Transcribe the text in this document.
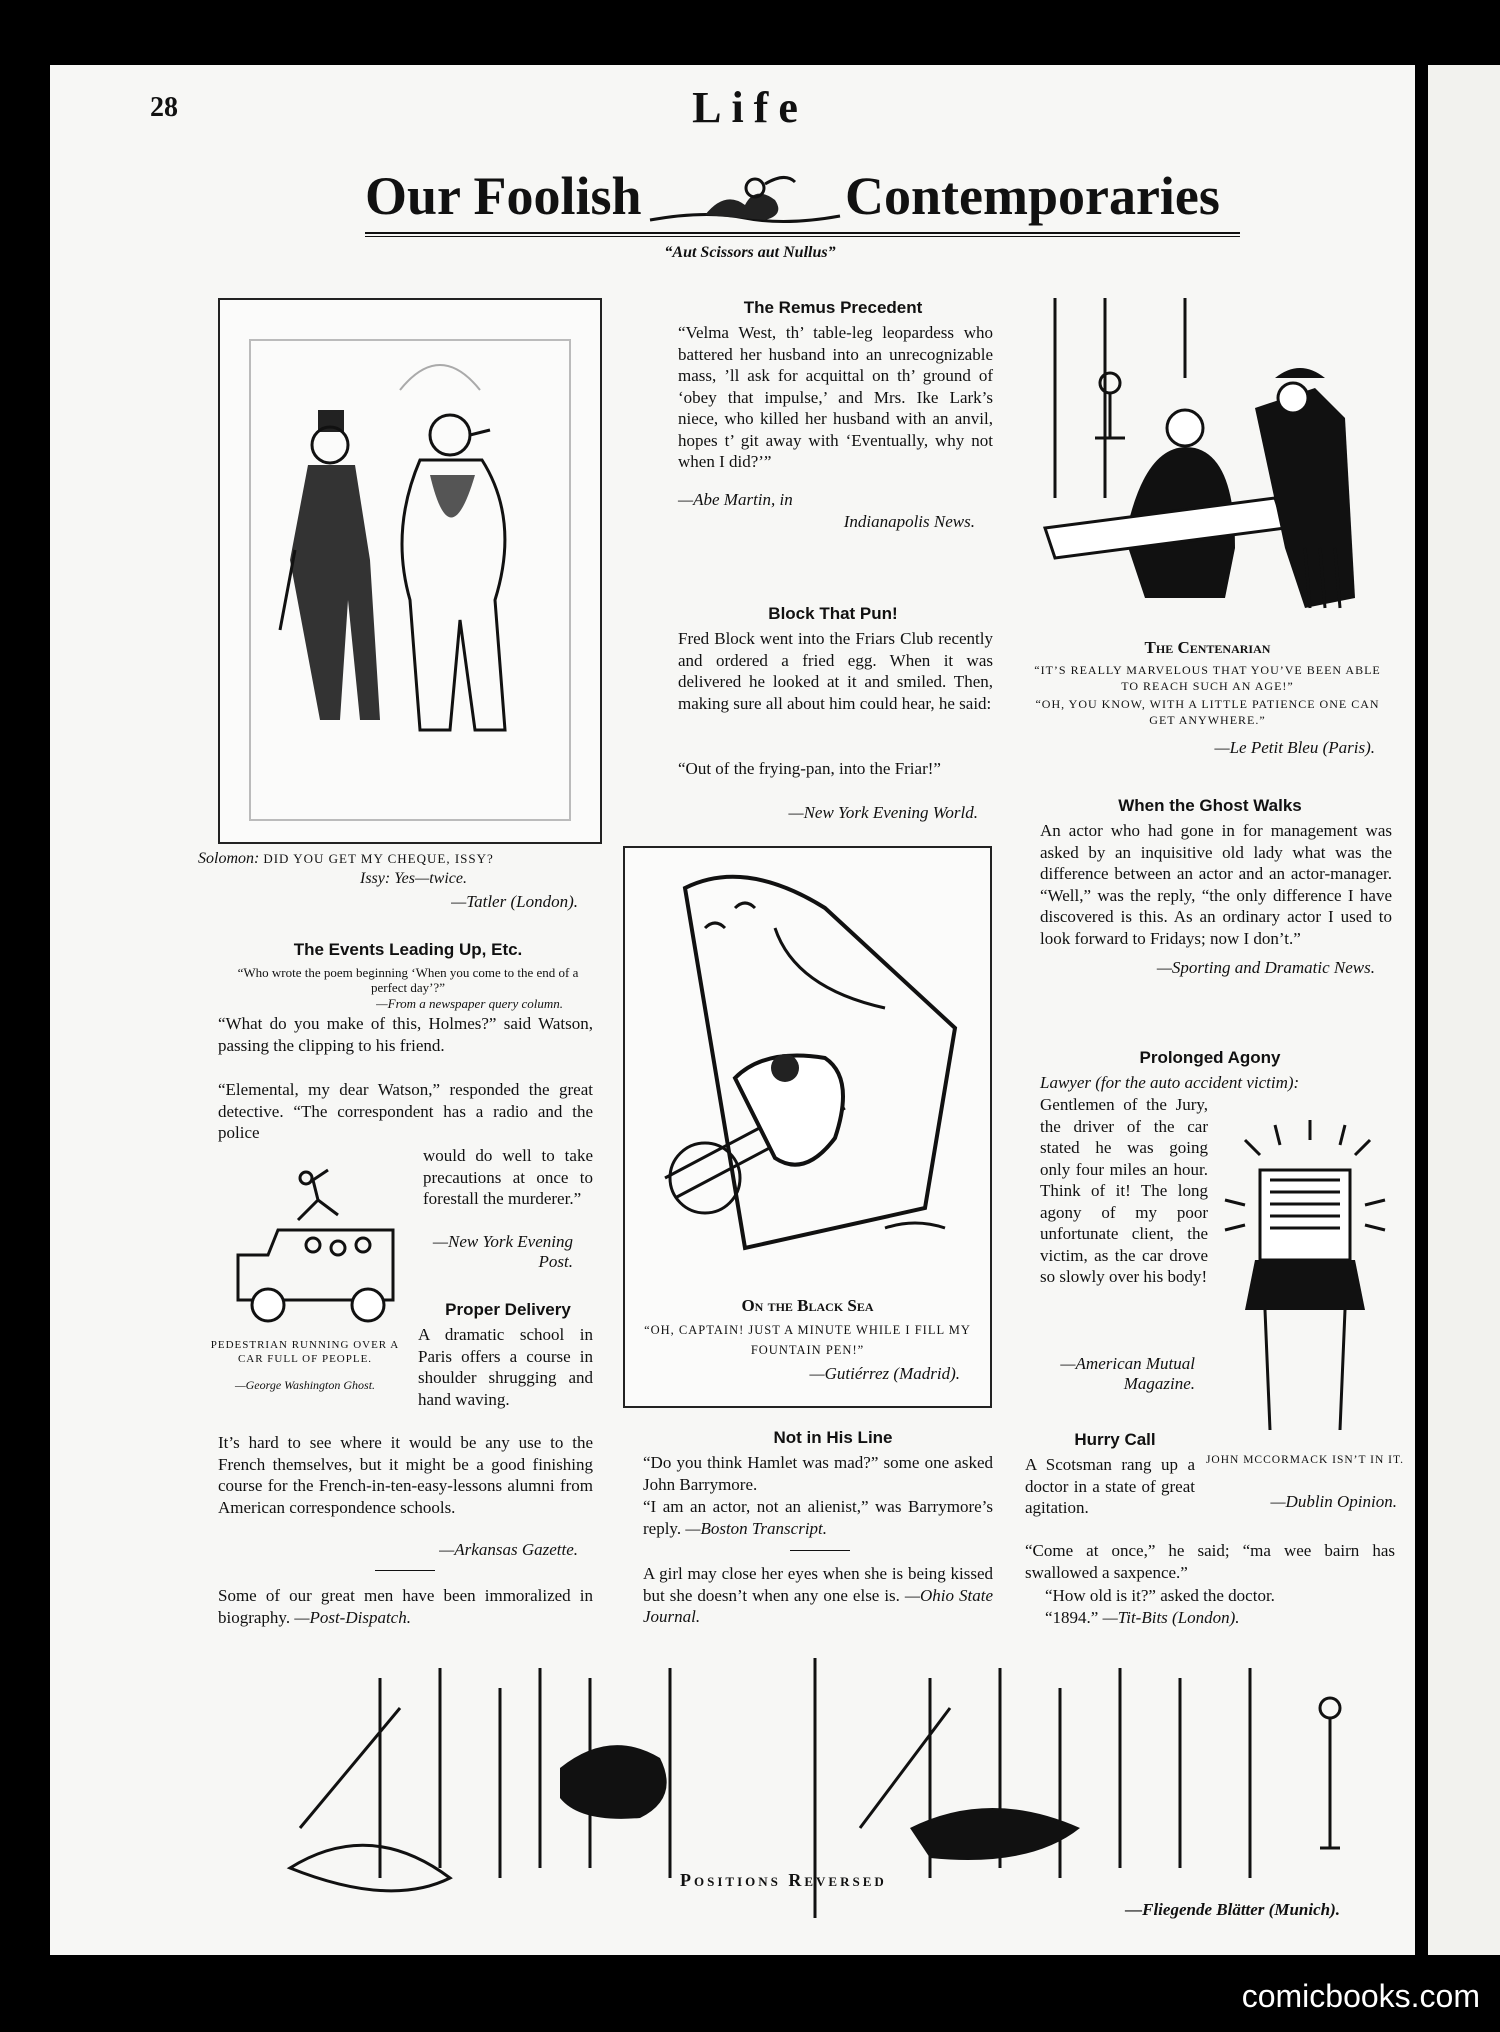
28	Life
Our Foolish	Contemporaries
“Aut Scissors aut Nullus”
Solomon: DID YOU GET MY CHEQUE, ISSY?
Issy: Yes—twice.
—Tatler (London).
The Events Leading Up, Etc.
“Who wrote the poem beginning ‘When you come to the end of a perfect day’?”
—From a newspaper query column.
“What do you make of this, Holmes?” said Watson, passing the clipping to his friend.
“Elemental, my dear Watson,” responded the great detective. “The correspondent has a radio and the police
would do well to take precautions at once to forestall the murderer.”
—New York Evening Post.
PEDESTRIAN RUNNING OVER A CAR FULL OF PEOPLE.
—George Washington Ghost.
Proper Delivery
A dramatic school in Paris offers a course in shoulder shrugging and hand waving.
It’s hard to see where it would be any use to the French themselves, but it might be a good finishing course for the French-in-ten-easy-lessons alumni from American correspondence schools.
—Arkansas Gazette.
Some of our great men have been immoralized in biography. —Post-Dispatch.
The Remus Precedent
“Velma West, th’ table-leg leopardess who battered her husband into an unrecognizable mass, ’ll ask for acquittal on th’ ground of ‘obey that impulse,’ and Mrs. Ike Lark’s niece, who killed her husband with an anvil, hopes t’ git away with ‘Eventually, why not when I did?’”
—Abe Martin, in
Indianapolis News.
Block That Pun!
Fred Block went into the Friars Club recently and ordered a fried egg. When it was delivered he looked at it and smiled. Then, making sure all about him could hear, he said:
“Out of the frying-pan, into the Friar!”
—New York Evening World.
On the Black Sea
“OH, CAPTAIN! JUST A MINUTE WHILE I FILL MY FOUNTAIN PEN!”
—Gutiérrez (Madrid).
Not in His Line
“Do you think Hamlet was mad?” some one asked John Barrymore.
“I am an actor, not an alienist,” was Barrymore’s reply. —Boston Transcript.
A girl may close her eyes when she is being kissed but she doesn’t when any one else is. —Ohio State Journal.
The Centenarian
“IT’S REALLY MARVELOUS THAT YOU’VE BEEN ABLE TO REACH SUCH AN AGE!”
“OH, YOU KNOW, WITH A LITTLE PATIENCE ONE CAN GET ANYWHERE.”
—Le Petit Bleu (Paris).
When the Ghost Walks
An actor who had gone in for management was asked by an inquisitive old lady what was the difference between an actor and an actor-manager. “Well,” was the reply, “the only difference I have discovered is this. As an ordinary actor I used to look forward to Fridays; now I don’t.”
—Sporting and Dramatic News.
Prolonged Agony
Lawyer (for the auto accident victim):
Gentlemen of the Jury, the driver of the car stated he was going only four miles an hour. Think of it! The long agony of my poor unfortunate client, the victim, as the car drove so slowly over his body!
—American Mutual Magazine.
JOHN MCCORMACK ISN’T IN IT.
—Dublin Opinion.
Hurry Call
A Scotsman rang up a doctor in a state of great agitation.
“Come at once,” he said; “ma wee bairn has swallowed a saxpence.”
“How old is it?” asked the doctor.
“1894.” —Tit-Bits (London).
Positions Reversed
—Fliegende Blätter (Munich).
comicbooks.com
